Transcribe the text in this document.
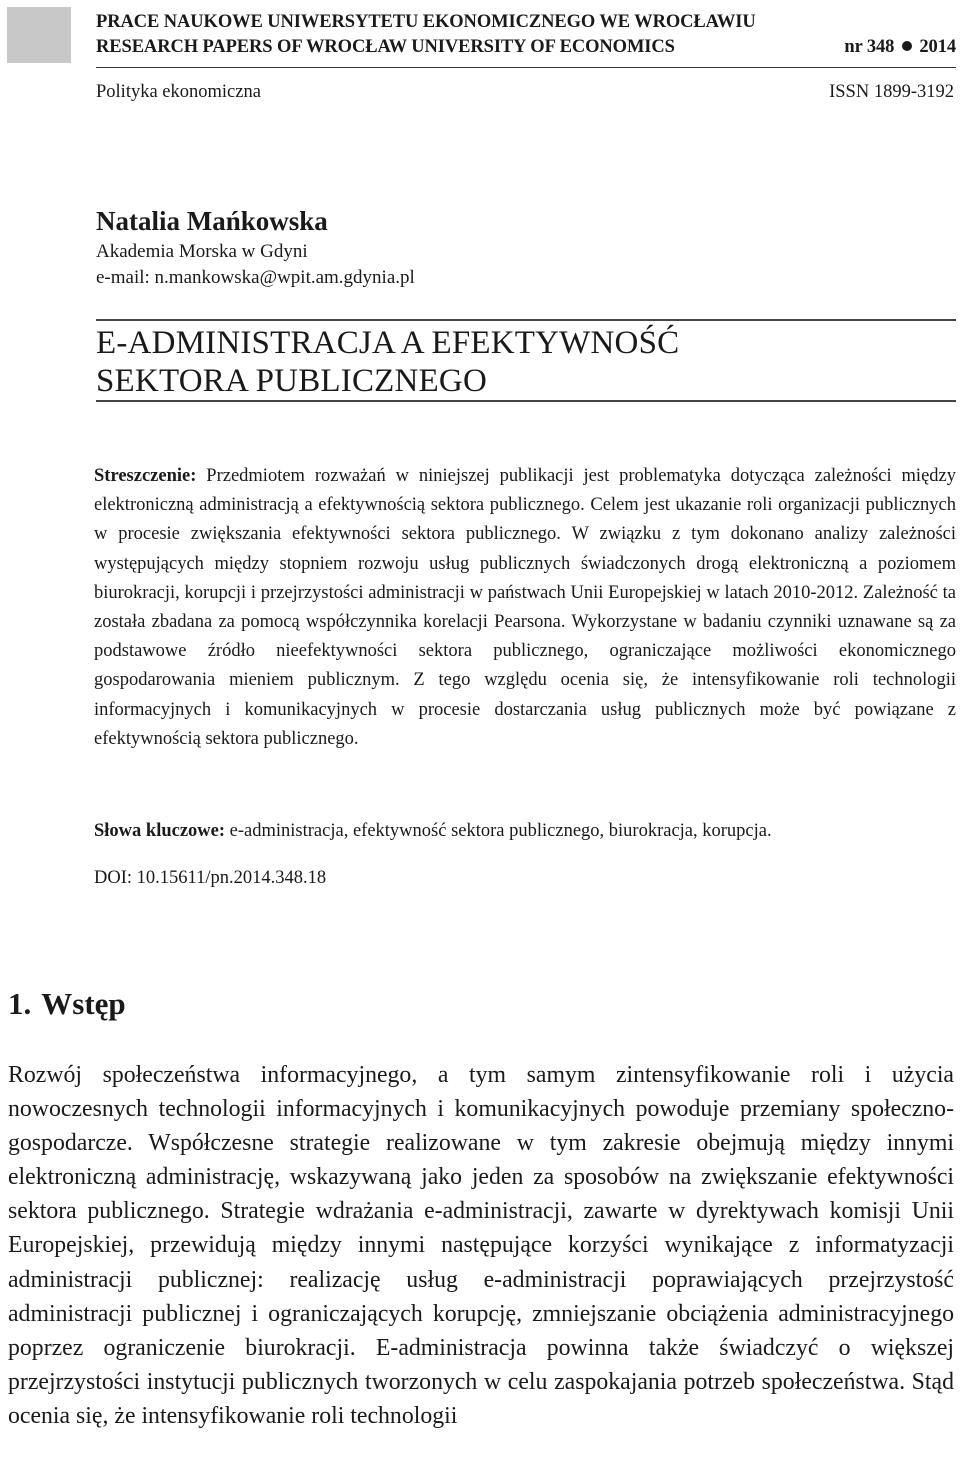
PRACE NAUKOWE UNIWERSYTETU EKONOMICZNEGO WE WROCŁAWIU
RESEARCH PAPERS OF WROCŁAW UNIVERSITY OF ECONOMICS	nr 348 2014
Polityka ekonomiczna	ISSN 1899-3192
Natalia Mańkowska
Akademia Morska w Gdyni
e-mail: n.mankowska@wpit.am.gdynia.pl
E-ADMINISTRACJA A EFEKTYWNOŚĆ
SEKTORA PUBLICZNEGO
Streszczenie: Przedmiotem rozważań w niniejszej publikacji jest problematyka dotycząca zależności między elektroniczną administracją a efektywnością sektora publicznego. Celem jest ukazanie roli organizacji publicznych w procesie zwiększania efektywności sektora publicznego. W związku z tym dokonano analizy zależności występujących między stopniem rozwoju usług publicznych świadczonych drogą elektroniczną a poziomem biurokracji, korupcji i przejrzystości administracji w państwach Unii Europejskiej w latach 2010-2012. Zależność ta została zbadana za pomocą współczynnika korelacji Pearsona. Wykorzystane w badaniu czynniki uznawane są za podstawowe źródło nieefektywności sektora publicznego, ograniczające możliwości ekonomicznego gospodarowania mieniem publicznym. Z tego względu ocenia się, że intensyfikowanie roli technologii informacyjnych i komunikacyjnych w procesie dostarczania usług publicznych może być powiązane z efektywnością sektora publicznego.
Słowa kluczowe: e-administracja, efektywność sektora publicznego, biurokracja, korupcja.
DOI: 10.15611/pn.2014.348.18
1. Wstęp
Rozwój społeczeństwa informacyjnego, a tym samym zintensyfikowanie roli i użycia nowoczesnych technologii informacyjnych i komunikacyjnych powoduje przemiany społeczno-gospodarcze. Współczesne strategie realizowane w tym zakresie obejmują między innymi elektroniczną administrację, wskazywaną jako jeden za sposobów na zwiększanie efektywności sektora publicznego. Strategie wdrażania e-administracji, zawarte w dyrektywach komisji Unii Europejskiej, przewidują między innymi następujące korzyści wynikające z informatyzacji administracji publicznej: realizację usług e-administracji poprawiających przejrzystość administracji publicznej i ograniczających korupcję, zmniejszanie obciążenia administracyjnego poprzez ograniczenie biurokracji. E-administracja powinna także świadczyć o większej przejrzystości instytucji publicznych tworzonych w celu zaspokajania potrzeb społeczeństwa. Stąd ocenia się, że intensyfikowanie roli technologii
